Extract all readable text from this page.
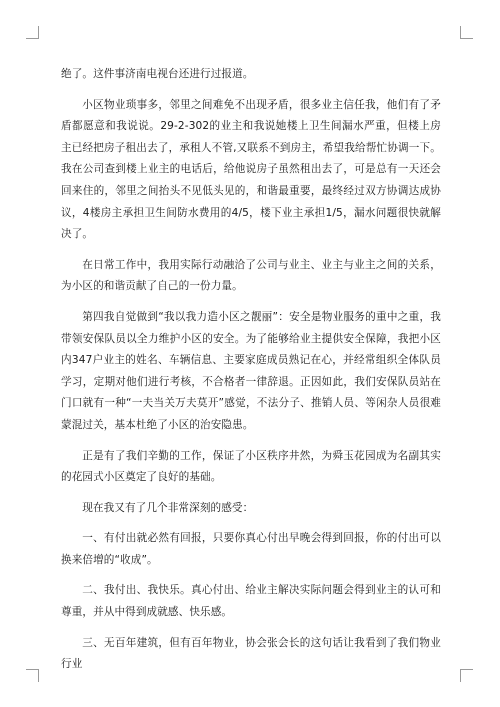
绝了。这件事济南电视台还进行过报道。

小区物业琐事多，邻里之间难免不出现矛盾，很多业主信任我，他们有了矛盾都愿意和我说说。29-2-302的业主和我说她楼上卫生间漏水严重，但楼上房主已经把房子租出去了，承租人不管,又联系不到房主，希望我给帮忙协调一下。我在公司查到楼上业主的电话后，给他说房子虽然租出去了，可是总有一天还会回来住的，邻里之间抬头不见低头见的，和谐最重要，最终经过双方协调达成协议，4楼房主承担卫生间防水费用的4/5，楼下业主承担1/5，漏水问题很快就解决了。

在日常工作中，我用实际行动融洽了公司与业主、业主与业主之间的关系，为小区的和谐贡献了自己的一份力量。

第四我自觉做到“我以我力造小区之靓丽”：安全是物业服务的重中之重，我带领安保队员以全力维护小区的安全。为了能够给业主提供安全保障，我把小区内347户业主的姓名、车辆信息、主要家庭成员熟记在心，并经常组织全体队员学习，定期对他们进行考核，不合格者一律辞退。正因如此，我们安保队员站在门口就有一种“一夫当关万夫莫开”感觉，不法分子、推销人员、等闲杂人员很难蒙混过关，基本杜绝了小区的治安隐患。

正是有了我们辛勤的工作，保证了小区秩序井然，为舜玉花园成为名副其实的花园式小区奠定了良好的基础。

现在我又有了几个非常深刻的感受：

一、有付出就必然有回报，只要你真心付出早晚会得到回报，你的付出可以换来倍增的“收成”。

二、我付出、我快乐。真心付出、给业主解决实际问题会得到业主的认可和尊重，并从中得到成就感、快乐感。

三、无百年建筑，但有百年物业，协会张会长的这句话让我看到了我们物业行业
